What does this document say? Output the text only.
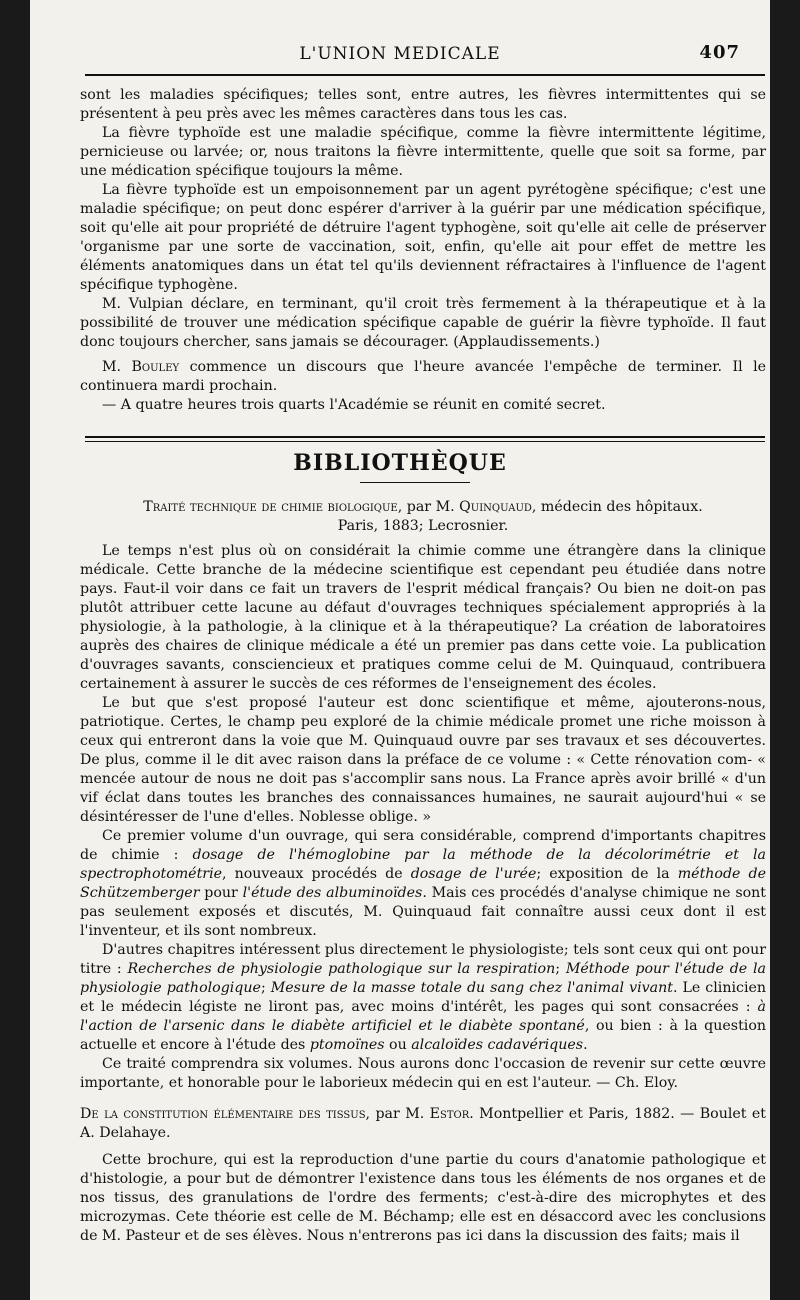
L'UNION MEDICALE	407

sont les maladies spécifiques; telles sont, entre autres, les fièvres intermittentes qui se présentent à peu près avec les mêmes caractères dans tous les cas.

La fièvre typhoïde est une maladie spécifique, comme la fièvre intermittente légitime, pernicieuse ou larvée; or, nous traitons la fièvre intermittente, quelle que soit sa forme, par une médication spécifique toujours la même.

La fièvre typhoïde est un empoisonnement par un agent pyrétogène spécifique; c'est une maladie spécifique; on peut donc espérer d'arriver à la guérir par une médication spécifique, soit qu'elle ait pour propriété de détruire l'agent typhogène, soit qu'elle ait celle de préserver 'organisme par une sorte de vaccination, soit, enfin, qu'elle ait pour effet de mettre les éléments anatomiques dans un état tel qu'ils deviennent réfractaires à l'influence de l'agent spécifique typhogène.

M. Vulpian déclare, en terminant, qu'il croit très fermement à la thérapeutique et à la possibilité de trouver une médication spécifique capable de guérir la fièvre typhoïde. Il faut donc toujours chercher, sans jamais se décourager. (Applaudissements.)

M. Bouley commence un discours que l'heure avancée l'empêche de terminer. Il le continuera mardi prochain.

— A quatre heures trois quarts l'Académie se réunit en comité secret.

BIBLIOTHÈQUE

Traité technique de chimie biologique, par M. Quinquaud, médecin des hôpitaux.

Paris, 1883; Lecrosnier.

Le temps n'est plus où on considérait la chimie comme une étrangère dans la clinique médicale. Cette branche de la médecine scientifique est cependant peu étudiée dans notre pays. Faut-il voir dans ce fait un travers de l'esprit médical français? Ou bien ne doit-on pas plutôt attribuer cette lacune au défaut d'ouvrages techniques spécialement appropriés à la physiologie, à la pathologie, à la clinique et à la thérapeutique? La création de laboratoires auprès des chaires de clinique médicale a été un premier pas dans cette voie. La publication d'ouvrages savants, consciencieux et pratiques comme celui de M. Quinquaud, contribuera certainement à assurer le succès de ces réformes de l'enseignement des écoles.

Le but que s'est proposé l'auteur est donc scientifique et même, ajouterons-nous, patriotique. Certes, le champ peu exploré de la chimie médicale promet une riche moisson à ceux qui entreront dans la voie que M. Quinquaud ouvre par ses travaux et ses découvertes. De plus, comme il le dit avec raison dans la préface de ce volume : « Cette rénovation com- « mencée autour de nous ne doit pas s'accomplir sans nous. La France après avoir brillé « d'un vif éclat dans toutes les branches des connaissances humaines, ne saurait aujourd'hui « se désintéresser de l'une d'elles. Noblesse oblige. »

Ce premier volume d'un ouvrage, qui sera considérable, comprend d'importants chapitres de chimie : dosage de l'hémoglobine par la méthode de la décolorimétrie et la spectrophotométrie, nouveaux procédés de dosage de l'urée; exposition de la méthode de Schützemberger pour l'étude des albuminoïdes. Mais ces procédés d'analyse chimique ne sont pas seulement exposés et discutés, M. Quinquaud fait connaître aussi ceux dont il est l'inventeur, et ils sont nombreux.

D'autres chapitres intéressent plus directement le physiologiste; tels sont ceux qui ont pour titre : Recherches de physiologie pathologique sur la respiration; Méthode pour l'étude de la physiologie pathologique; Mesure de la masse totale du sang chez l'animal vivant. Le clinicien et le médecin légiste ne liront pas, avec moins d'intérêt, les pages qui sont consacrées : à l'action de l'arsenic dans le diabète artificiel et le diabète spontané, ou bien : à la question actuelle et encore à l'étude des ptomoïnes ou alcaloïdes cadavériques.

Ce traité comprendra six volumes. Nous aurons donc l'occasion de revenir sur cette œuvre importante, et honorable pour le laborieux médecin qui en est l'auteur. — Ch. Eloy.

De la constitution élémentaire des tissus, par M. Estor. Montpellier et Paris, 1882. — Boulet et A. Delahaye.

Cette brochure, qui est la reproduction d'une partie du cours d'anatomie pathologique et d'histologie, a pour but de démontrer l'existence dans tous les éléments de nos organes et de nos tissus, des granulations de l'ordre des ferments; c'est-à-dire des microphytes et des microzymas. Cete théorie est celle de M. Béchamp; elle est en désaccord avec les conclusions de M. Pasteur et de ses élèves. Nous n'entrerons pas ici dans la discussion des faits; mais il
